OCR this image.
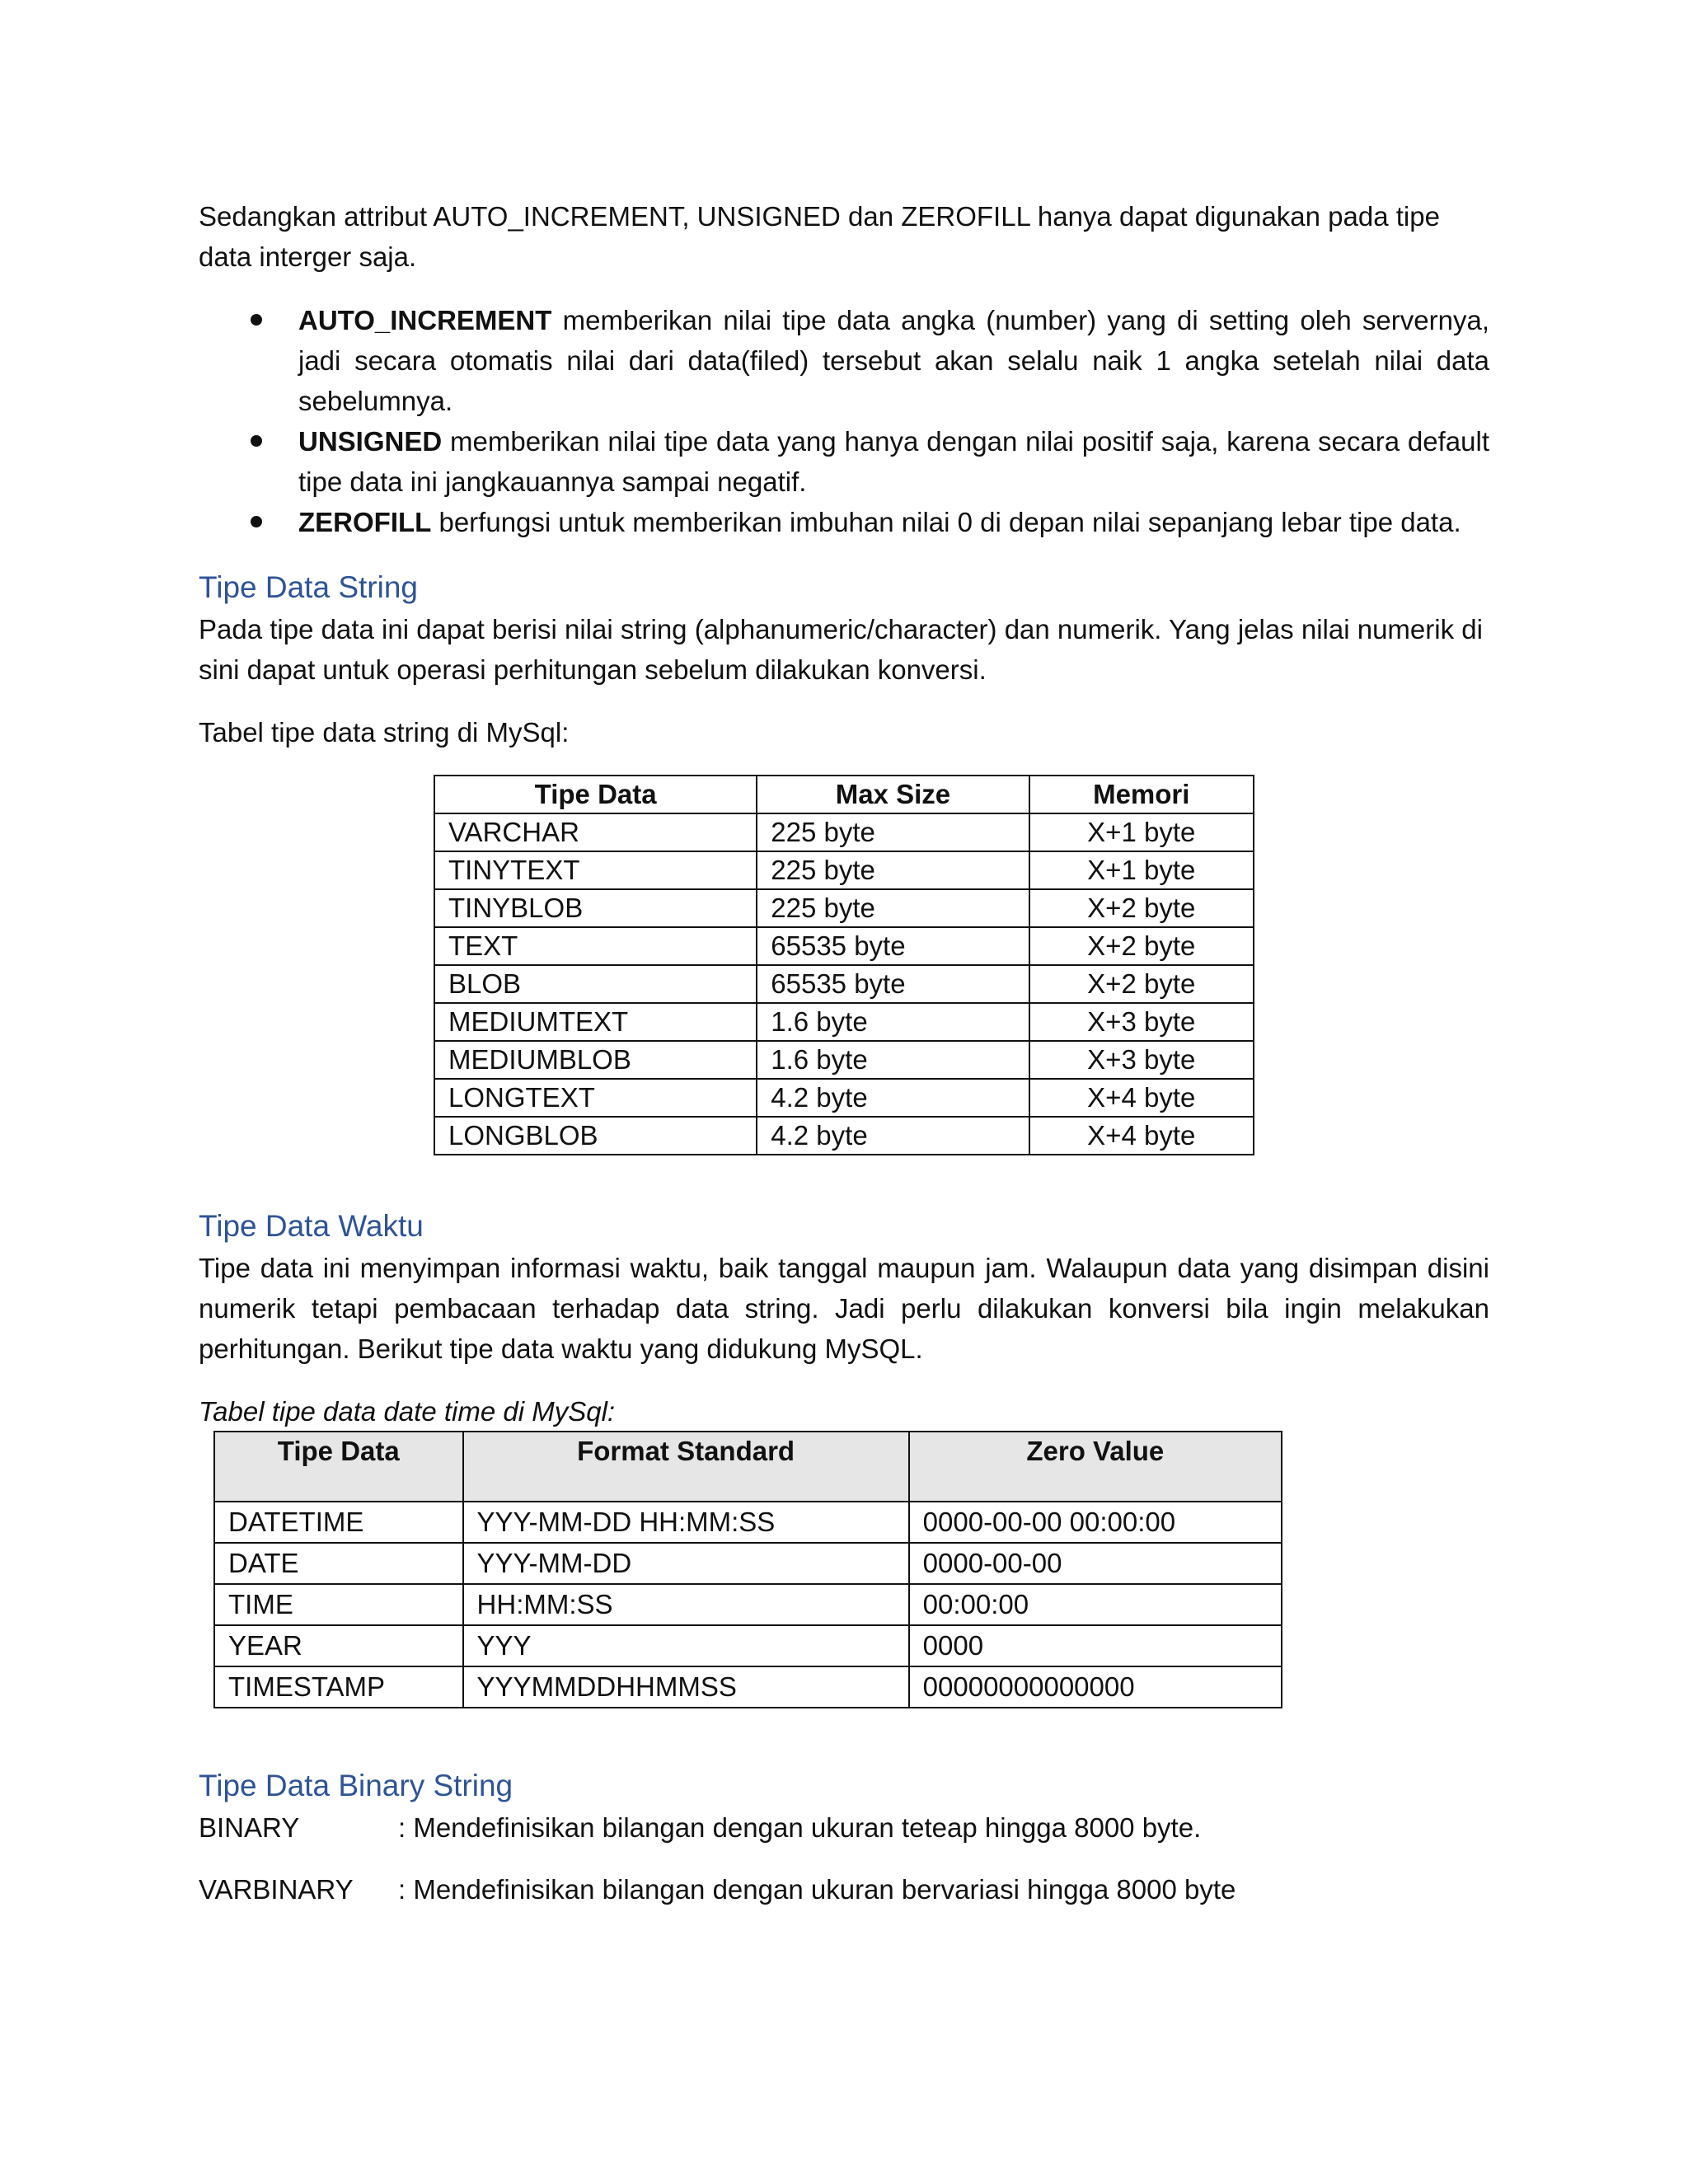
Sedangkan attribut AUTO_INCREMENT, UNSIGNED dan ZEROFILL hanya dapat digunakan pada tipe data interger saja.

AUTO_INCREMENT memberikan nilai tipe data angka (number) yang di setting oleh servernya, jadi secara otomatis nilai dari data(filed) tersebut akan selalu naik 1 angka setelah nilai data sebelumnya.
UNSIGNED memberikan nilai tipe data yang hanya dengan nilai positif saja, karena secara default tipe data ini jangkauannya sampai negatif.
ZEROFILL berfungsi untuk memberikan imbuhan nilai 0 di depan nilai sepanjang lebar tipe data.
Tipe Data String

Pada tipe data ini dapat berisi nilai string (alphanumeric/character) dan numerik. Yang jelas nilai numerik di sini dapat untuk operasi perhitungan sebelum dilakukan konversi.

Tabel tipe data string di MySql:

Tipe Data	Max Size	Memori
VARCHAR	225 byte	X+1 byte
TINYTEXT	225 byte	X+1 byte
TINYBLOB	225 byte	X+2 byte
TEXT	65535 byte	X+2 byte
BLOB	65535 byte	X+2 byte
MEDIUMTEXT	1.6 byte	X+3 byte
MEDIUMBLOB	1.6 byte	X+3 byte
LONGTEXT	4.2 byte	X+4 byte
LONGBLOB	4.2 byte	X+4 byte
Tipe Data Waktu

Tipe data ini menyimpan informasi waktu, baik tanggal maupun jam. Walaupun data yang disimpan disini numerik tetapi pembacaan terhadap data string. Jadi perlu dilakukan konversi bila ingin melakukan perhitungan. Berikut tipe data waktu yang didukung MySQL.

Tabel tipe data date time di MySql:

Tipe Data	Format Standard	Zero Value
DATETIME	YYY-MM-DD HH:MM:SS	0000-00-00 00:00:00
DATE	YYY-MM-DD	0000-00-00
TIME	HH:MM:SS	00:00:00
YEAR	YYY	0000
TIMESTAMP	YYYMMDDHHMMSS	00000000000000
Tipe Data Binary String
BINARY	: Mendefinisikan bilangan dengan ukuran teteap hingga 8000 byte.
VARBINARY : Mendefinisikan bilangan dengan ukuran bervariasi hingga 8000 byte
